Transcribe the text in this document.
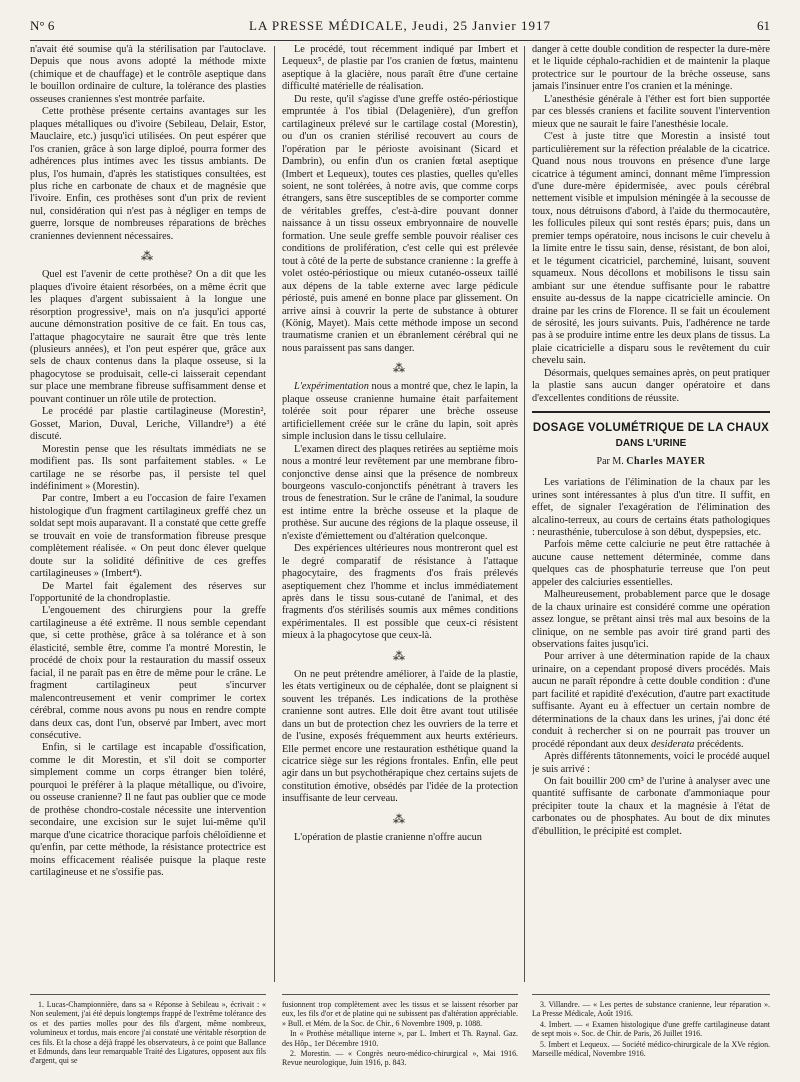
N° 6	LA PRESSE MÉDICALE, Jeudi, 25 Janvier 1917	61

n'avait été soumise qu'à la stérilisation par l'autoclave. Depuis que nous avons adopté la méthode mixte (chimique et de chauffage) et le contrôle aseptique dans le bouillon ordinaire de culture, la tolérance des plasties osseuses craniennes s'est montrée parfaite.

Cette prothèse présente certains avantages sur les plaques métalliques ou d'ivoire (Sebileau, Delair, Estor, Mauclaire, etc.) jusqu'ici utilisées. On peut espérer que l'os cranien, grâce à son large diploé, pourra former des adhérences plus intimes avec les tissus ambiants. De plus, l'os humain, d'après les statistiques consultées, est plus riche en carbonate de chaux et de magnésie que l'ivoire. Enfin, ces prothèses sont d'un prix de revient nul, considération qui n'est pas à négliger en temps de guerre, lorsque de nombreuses réparations de brèches craniennes deviennent nécessaires.

⁂

Quel est l'avenir de cette prothèse? On a dit que les plaques d'ivoire étaient résorbées, on a même écrit que les plaques d'argent subissaient à la longue une résorption progressive¹, mais on n'a jusqu'ici apporté aucune démonstration positive de ce fait. En tous cas, l'attaque phagocytaire ne saurait être que très lente (plusieurs années), et l'on peut espérer que, grâce aux sels de chaux contenus dans la plaque osseuse, si la phagocytose se produisait, celle-ci laisserait cependant sur place une membrane fibreuse suffisamment dense et pouvant continuer un rôle utile de protection.

Le procédé par plastie cartilagineuse (Morestin², Gosset, Marion, Duval, Leriche, Villandre³) a été discuté.

Morestin pense que les résultats immédiats ne se modifient pas. Ils sont parfaitement stables. « Le cartilage ne se résorbe pas, il persiste tel quel indéfiniment » (Morestin).

Par contre, Imbert a eu l'occasion de faire l'examen histologique d'un fragment cartilagineux greffé chez un soldat sept mois auparavant. Il a constaté que cette greffe se trouvait en voie de transformation fibreuse presque complètement réalisée. « On peut donc élever quelque doute sur la solidité définitive de ces greffes cartilagineuses » (Imbert⁴).

De Martel fait également des réserves sur l'opportunité de la chondroplastie.

L'engouement des chirurgiens pour la greffe cartilagineuse a été extrême. Il nous semble cependant que, si cette prothèse, grâce à sa tolérance et à son élasticité, semble être, comme l'a montré Morestin, le procédé de choix pour la restauration du massif osseux facial, il ne paraît pas en être de même pour le crâne. Le fragment cartilagineux peut s'incurver malencontreusement et venir comprimer le cortex cérébral, comme nous avons pu nous en rendre compte dans deux cas, dont l'un, observé par Imbert, avec mort consécutive.

Enfin, si le cartilage est incapable d'ossification, comme le dit Morestin, et s'il doit se comporter simplement comme un corps étranger bien toléré, pourquoi le préférer à la plaque métallique, ou d'ivoire, ou osseuse cranienne? Il ne faut pas oublier que ce mode de prothèse chondro-costale nécessite une intervention secondaire, une excision sur le sujet lui-même qu'il marque d'une cicatrice thoracique parfois chéloïdienne et qu'enfin, par cette méthode, la résistance protectrice est moins efficacement réalisée puisque la plaque reste cartilagineuse et ne s'ossifie pas.

Le procédé, tout récemment indiqué par Imbert et Lequeux⁵, de plastie par l'os cranien de fœtus, maintenu aseptique à la glacière, nous paraît être d'une certaine difficulté matérielle de réalisation.

Du reste, qu'il s'agisse d'une greffe ostéo-périostique empruntée à l'os tibial (Delagenière), d'un greffon cartilagineux prélevé sur le cartilage costal (Morestin), ou d'un os cranien stérilisé recouvert au cours de l'opération par le périoste avoisinant (Sicard et Dambrin), ou enfin d'un os cranien fœtal aseptique (Imbert et Lequeux), toutes ces plasties, quelles qu'elles soient, ne sont tolérées, à notre avis, que comme corps étrangers, sans être susceptibles de se comporter comme de véritables greffes, c'est-à-dire pouvant donner naissance à un tissu osseux embryonnaire de nouvelle formation. Une seule greffe semble pouvoir réaliser ces conditions de prolifération, c'est celle qui est prélevée tout à côté de la perte de substance cranienne : la greffe à volet ostéo-périostique ou mieux cutanéo-osseux taillé aux dépens de la table externe avec large pédicule périosté, puis amené en bonne place par glissement. On arrive ainsi à couvrir la perte de substance à obturer (König, Mayet). Mais cette méthode impose un second traumatisme cranien et un ébranlement cérébral qui ne nous paraissent pas sans danger.

⁂

L'expérimentation nous a montré que, chez le lapin, la plaque osseuse cranienne humaine était parfaitement tolérée soit pour réparer une brèche osseuse artificiellement créée sur le crâne du lapin, soit après simple inclusion dans le tissu cellulaire.

L'examen direct des plaques retirées au septième mois nous a montré leur revêtement par une membrane fibro-conjonctive dense ainsi que la présence de nombreux bourgeons vasculo-conjonctifs pénétrant à travers les trous de fenestration. Sur le crâne de l'animal, la soudure est intime entre la brèche osseuse et la plaque de prothèse. Sur aucune des régions de la plaque osseuse, il n'existe d'émiettement ou d'altération quelconque.

Des expériences ultérieures nous montreront quel est le degré comparatif de résistance à l'attaque phagocytaire, des fragments d'os frais prélevés aseptiquement chez l'homme et inclus immédiatement après dans le tissu sous-cutané de l'animal, et des fragments d'os stérilisés soumis aux mêmes conditions expérimentales. Il est possible que ceux-ci résistent mieux à la phagocytose que ceux-là.

⁂

On ne peut prétendre améliorer, à l'aide de la plastie, les états vertigineux ou de céphalée, dont se plaignent si souvent les trépanés. Les indications de la prothèse cranienne sont autres. Elle doit être avant tout utilisée dans un but de protection chez les ouvriers de la terre et de l'usine, exposés fréquemment aux heurts extérieurs. Elle permet encore une restauration esthétique quand la cicatrice siège sur les régions frontales. Enfin, elle peut agir dans un but psychothérapique chez certains sujets de constitution émotive, obsédés par l'idée de la protection insuffisante de leur cerveau.

⁂

L'opération de plastie cranienne n'offre aucun

danger à cette double condition de respecter la dure-mère et le liquide céphalo-rachidien et de maintenir la plaque protectrice sur le pourtour de la brèche osseuse, sans jamais l'insinuer entre l'os cranien et la méninge.

L'anesthésie générale à l'éther est fort bien supportée par ces blessés craniens et facilite souvent l'intervention mieux que ne saurait le faire l'anesthésie locale.

C'est à juste titre que Morestin a insisté tout particulièrement sur la réfection préalable de la cicatrice. Quand nous nous trouvons en présence d'une large cicatrice à tégument aminci, donnant même l'impression d'une dure-mère épidermisée, avec pouls cérébral nettement visible et impulsion méningée à la secousse de toux, nous détruisons d'abord, à l'aide du thermocautère, les follicules pileux qui sont restés épars; puis, dans un premier temps opératoire, nous incisons le cuir chevelu à la limite entre le tissu sain, dense, résistant, de bon aloi, et le tégument cicatriciel, parcheminé, luisant, souvent squameux. Nous décollons et mobilisons le tissu sain ambiant sur une étendue suffisante pour le rabattre ensuite au-dessus de la nappe cicatricielle amincie. On draine par les crins de Florence. Il se fait un écoulement de sérosité, les jours suivants. Puis, l'adhérence ne tarde pas à se produire intime entre les deux plans de tissus. La plaie cicatricielle a disparu sous le revêtement du cuir chevelu sain.

Désormais, quelques semaines après, on peut pratiquer la plastie sans aucun danger opératoire et dans d'excellentes conditions de réussite.

DOSAGE VOLUMÉTRIQUE DE LA CHAUX
DANS L'URINE
Par M. Charles MAYER

Les variations de l'élimination de la chaux par les urines sont intéressantes à plus d'un titre. Il suffit, en effet, de signaler l'exagération de l'élimination des alcalino-terreux, au cours de certains états pathologiques : neurasthénie, tuberculose à son début, dyspepsies, etc.

Parfois même cette calciurie ne peut être rattachée à aucune cause nettement déterminée, comme dans quelques cas de phosphaturie terreuse que l'on peut appeler des calciuries essentielles.

Malheureusement, probablement parce que le dosage de la chaux urinaire est considéré comme une opération assez longue, se prêtant ainsi très mal aux besoins de la clinique, on ne semble pas avoir tiré grand parti des observations faites jusqu'ici.

Pour arriver à une détermination rapide de la chaux urinaire, on a cependant proposé divers procédés. Mais aucun ne paraît répondre à cette double condition : d'une part facilité et rapidité d'exécution, d'autre part exactitude suffisante. Ayant eu à effectuer un certain nombre de déterminations de la chaux dans les urines, j'ai donc été conduit à rechercher si on ne pourrait pas trouver un procédé répondant aux deux desiderata précédents.

Après différents tâtonnements, voici le procédé auquel je suis arrivé :

On fait bouillir 200 cm³ de l'urine à analyser avec une quantité suffisante de carbonate d'ammoniaque pour précipiter toute la chaux et la magnésie à l'état de carbonates ou de phosphates. Au bout de dix minutes d'ébullition, le précipité est complet.

1. Lucas-Championnière, dans sa « Réponse à Sebileau », écrivait : « Non seulement, j'ai été depuis longtemps frappé de l'extrême tolérance des os et des parties molles pour des fils d'argent, même nombreux, volumineux et tordus, mais encore j'ai constaté une véritable résorption de ces fils. Et la chose a déjà frappé les observateurs, à ce point que Ballance et Edmunds, dans leur remarquable Traité des Ligatures, opposent aux fils d'argent, qui se

fusionnent trop complètement avec les tissus et se laissent résorber par eux, les fils d'or et de platine qui ne subissent pas d'altération appréciable. » Bull. et Mém. de la Soc. de Chir., 6 Novembre 1909, p. 1088.

In « Prothèse métallique interne », par L. Imbert et Th. Raynal. Gaz. des Hôp., 1er Décembre 1910.

2. Morestin. — « Congrès neuro-médico-chirurgical », Mai 1916. Revue neurologique, Juin 1916, p. 843.

3. Villandre. — « Les pertes de substance cranienne, leur réparation ». La Presse Médicale, Août 1916.

4. Imbert. — « Examen histologique d'une greffe cartilagineuse datant de sept mois ». Soc. de Chir. de Paris, 26 Juillet 1916.

5. Imbert et Lequeux. — Société médico-chirurgicale de la XVe région. Marseille médical, Novembre 1916.
